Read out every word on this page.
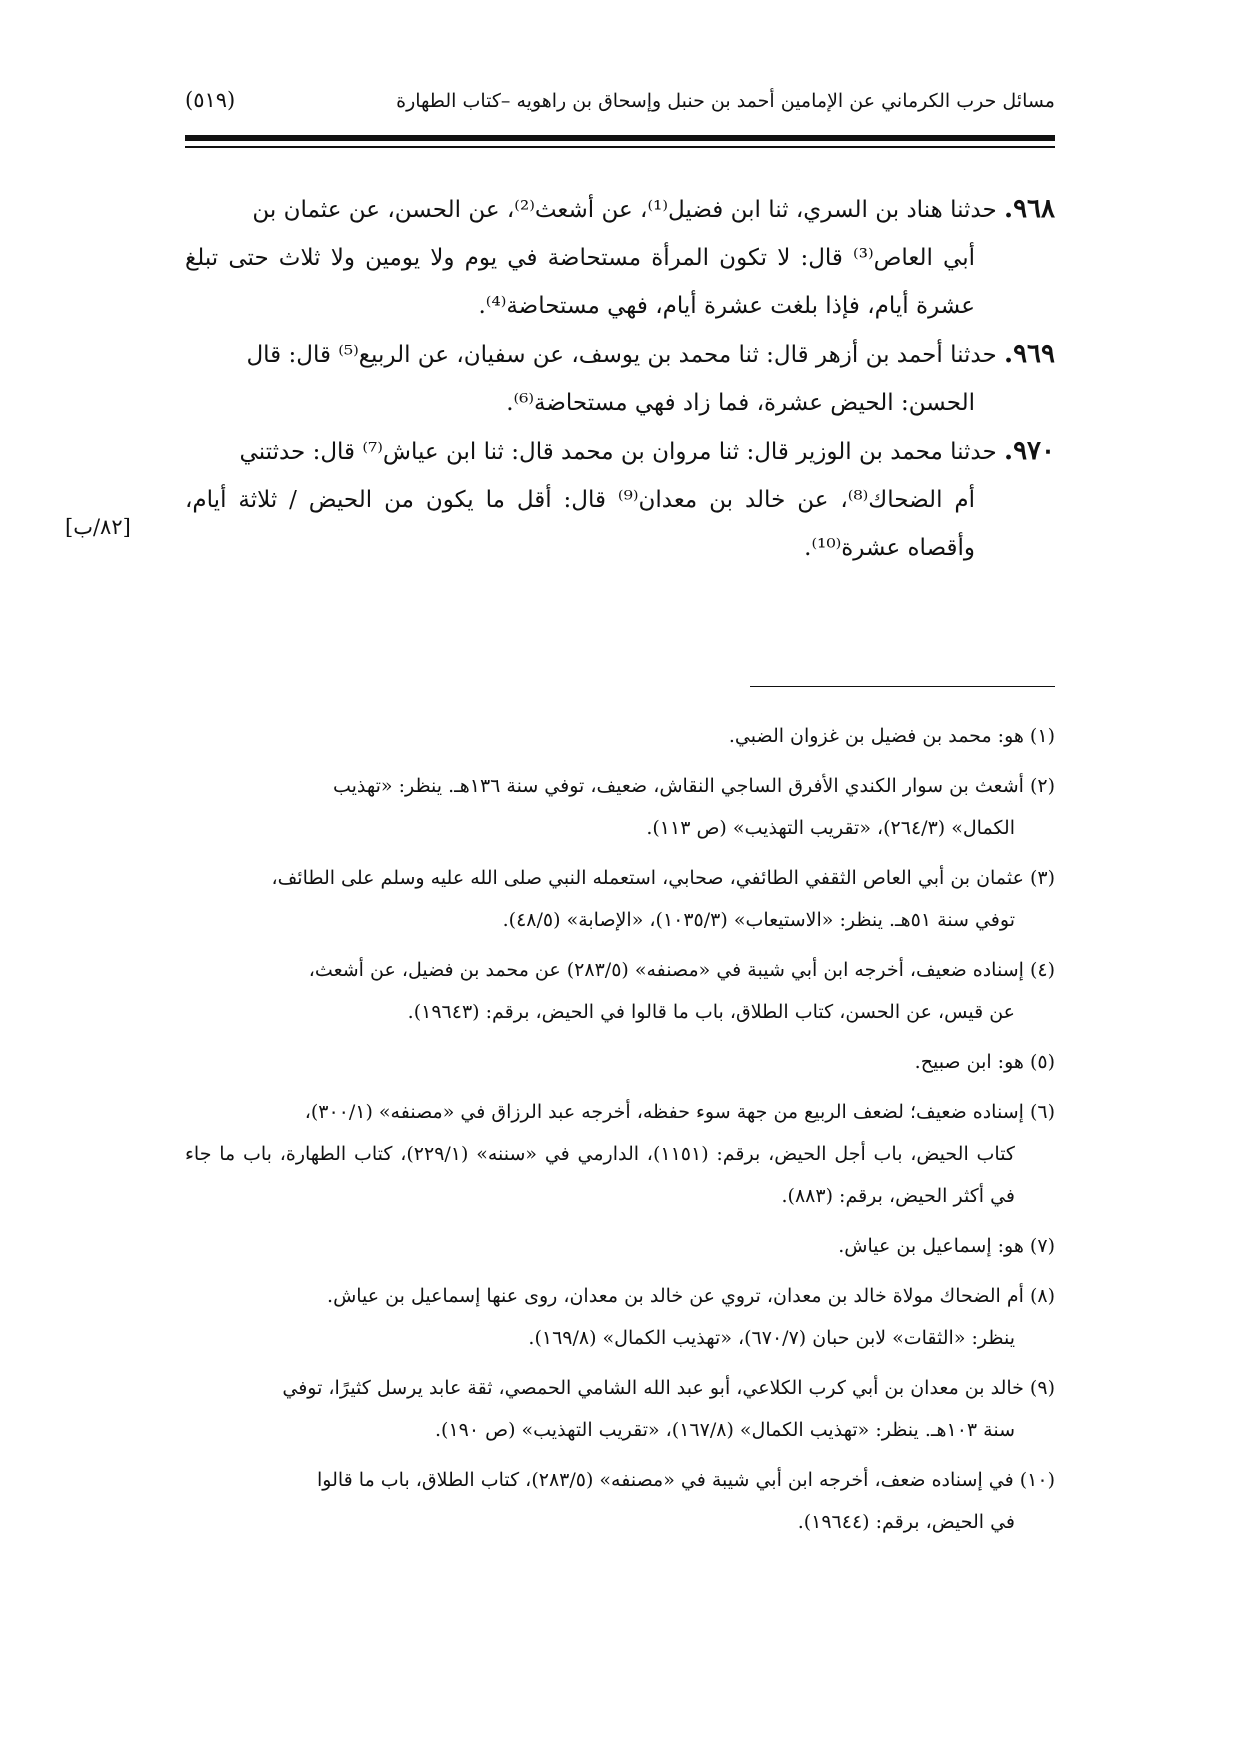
مسائل حرب الكرماني عن الإمامين أحمد بن حنبل وإسحاق بن راهويه –كتاب الطهارة
(٥١٩)
٩٦٨. حدثنا هناد بن السري، ثنا ابن فضيل⁽¹⁾، عن أشعث⁽²⁾، عن الحسن، عن عثمان بن
أبي العاص⁽³⁾ قال: لا تكون المرأة مستحاضة في يوم ولا يومين ولا ثلاث حتى تبلغ عشرة أيام، فإذا بلغت عشرة أيام، فهي مستحاضة⁽⁴⁾.
٩٦٩. حدثنا أحمد بن أزهر قال: ثنا محمد بن يوسف، عن سفيان، عن الربيع⁽⁵⁾ قال: قال
الحسن: الحيض عشرة، فما زاد فهي مستحاضة⁽⁶⁾.
٩٧٠. حدثنا محمد بن الوزير قال: ثنا مروان بن محمد قال: ثنا ابن عياش⁽⁷⁾ قال: حدثتني
أم الضحاك⁽⁸⁾، عن خالد بن معدان⁽⁹⁾ قال: أقل ما يكون من الحيض / ثلاثة أيام، وأقصاه عشرة⁽¹⁰⁾.
[٨٢/ب]
(١) هو: محمد بن فضيل بن غزوان الضبي.
(٢) أشعث بن سوار الكندي الأفرق الساجي النقاش، ضعيف، توفي سنة ١٣٦هـ. ينظر: «تهذيب
الكمال» (٢٦٤/٣)، «تقريب التهذيب» (ص ١١٣).
(٣) عثمان بن أبي العاص الثقفي الطائفي، صحابي، استعمله النبي صلى الله عليه وسلم على الطائف،
توفي سنة ٥١هـ. ينظر: «الاستيعاب» (١٠٣٥/٣)، «الإصابة» (٤٨/٥).
(٤) إسناده ضعيف، أخرجه ابن أبي شيبة في «مصنفه» (٢٨٣/٥) عن محمد بن فضيل، عن أشعث،
عن قيس، عن الحسن، كتاب الطلاق، باب ما قالوا في الحيض، برقم: (١٩٦٤٣).
(٥) هو: ابن صبيح.
(٦) إسناده ضعيف؛ لضعف الربيع من جهة سوء حفظه، أخرجه عبد الرزاق في «مصنفه» (٣٠٠/١)،
كتاب الحيض، باب أجل الحيض، برقم: (١١٥١)، الدارمي في «سننه» (٢٢٩/١)، كتاب الطهارة، باب ما جاء في أكثر الحيض، برقم: (٨٨٣).
(٧) هو: إسماعيل بن عياش.
(٨) أم الضحاك مولاة خالد بن معدان، تروي عن خالد بن معدان، روى عنها إسماعيل بن عياش.
ينظر: «الثقات» لابن حبان (٦٧٠/٧)، «تهذيب الكمال» (١٦٩/٨).
(٩) خالد بن معدان بن أبي كرب الكلاعي، أبو عبد الله الشامي الحمصي، ثقة عابد يرسل كثيرًا، توفي
سنة ١٠٣هـ. ينظر: «تهذيب الكمال» (١٦٧/٨)، «تقريب التهذيب» (ص ١٩٠).
(١٠) في إسناده ضعف، أخرجه ابن أبي شيبة في «مصنفه» (٢٨٣/٥)، كتاب الطلاق، باب ما قالوا
في الحيض، برقم: (١٩٦٤٤).
